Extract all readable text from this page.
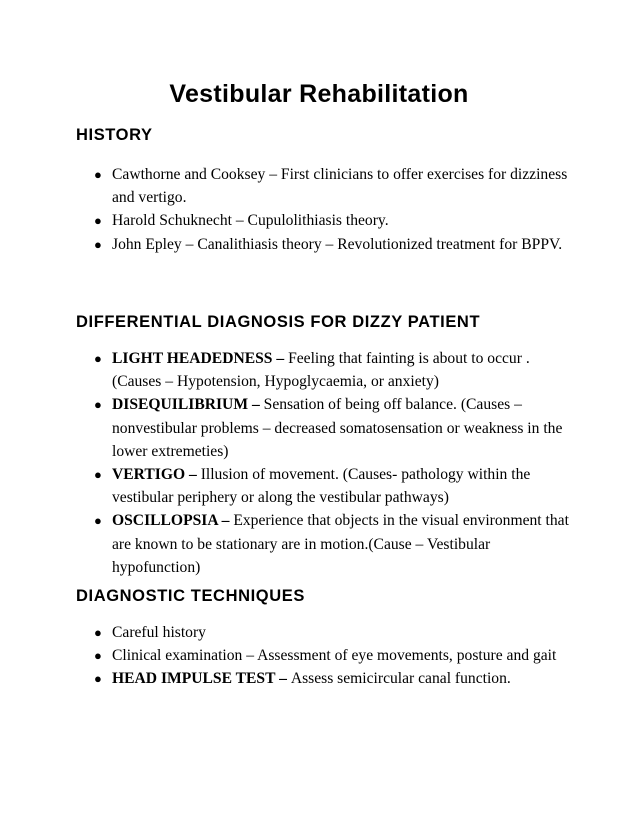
Vestibular Rehabilitation
HISTORY
● Cawthorne and Cooksey – First clinicians to offer exercises for dizziness and vertigo.
● Harold Schuknecht – Cupulolithiasis theory.
● John Epley – Canalithiasis theory – Revolutionized treatment for BPPV.
DIFFERENTIAL DIAGNOSIS FOR DIZZY PATIENT
● LIGHT HEADEDNESS – Feeling that fainting is about to occur .(Causes – Hypotension, Hypoglycaemia, or anxiety)
● DISEQUILIBRIUM – Sensation of being off balance. (Causes – nonvestibular problems – decreased somatosensation or weakness in the lower extremeties)
● VERTIGO – Illusion of movement. (Causes- pathology within the vestibular periphery or along the vestibular pathways)
● OSCILLOPSIA – Experience that objects in the visual environment that are known to be stationary are in motion.(Cause – Vestibular hypofunction)
DIAGNOSTIC TECHNIQUES
● Careful history
● Clinical examination – Assessment of eye movements, posture and gait
● HEAD IMPULSE TEST – Assess semicircular canal function.
